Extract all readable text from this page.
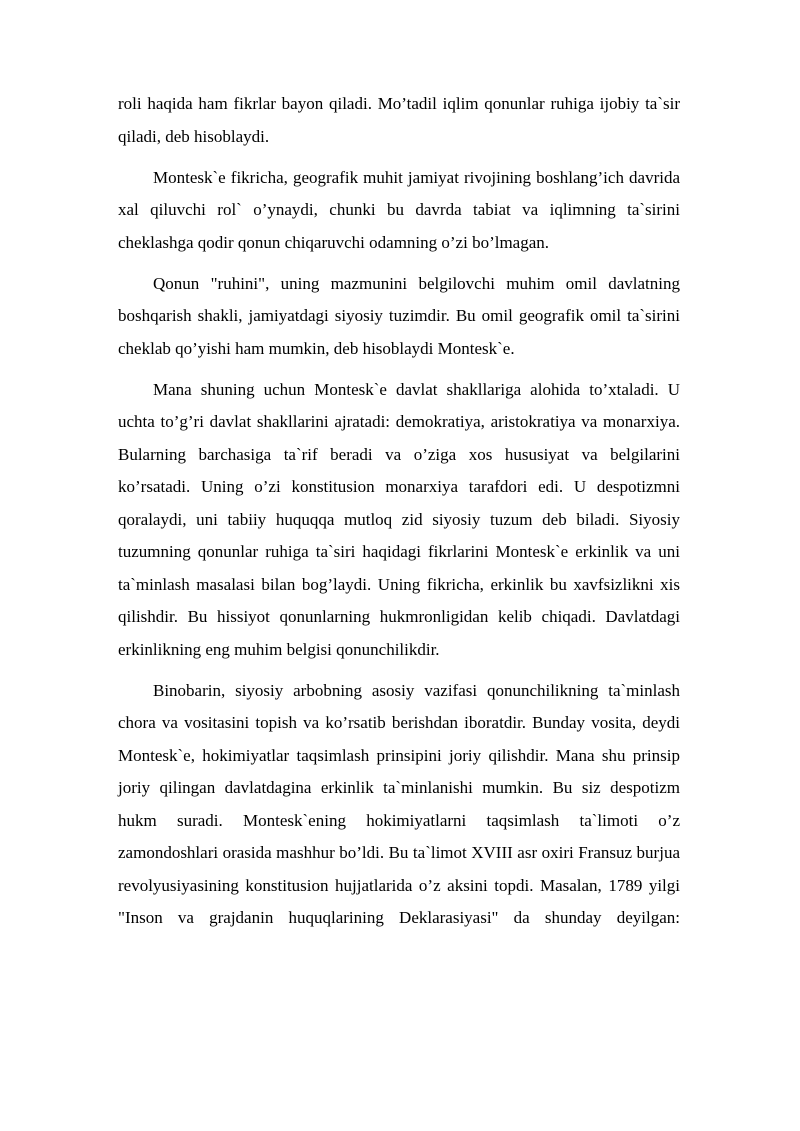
roli haqida ham fikrlar bayon qiladi. Mo’tadil iqlim qonunlar ruhiga ijobiy ta`sir qiladi, deb hisoblaydi.

Montesk`e fikricha, geografik muhit jamiyat rivojining boshlang’ich davrida xal qiluvchi rol` o’ynaydi, chunki bu davrda tabiat va iqlimning ta`sirini cheklashga qodir qonun chiqaruvchi odamning o’zi bo’lmagan.

Qonun "ruhini", uning mazmunini belgilovchi muhim omil davlatning boshqarish shakli, jamiyatdagi siyosiy tuzimdir. Bu omil geografik omil ta`sirini cheklab qo’yishi ham mumkin, deb hisoblaydi Montesk`e.

Mana shuning uchun Montesk`e davlat shakllariga alohida to’xtaladi. U uchta to’g’ri davlat shakllarini ajratadi: demokratiya, aristokratiya va monarxiya. Bularning barchasiga ta`rif beradi va o’ziga xos hususiyat va belgilarini ko’rsatadi. Uning o’zi konstitusion monarxiya tarafdori edi. U despotizmni qoralaydi, uni tabiiy huquqqa mutloq zid siyosiy tuzum deb biladi. Siyosiy tuzumning qonunlar ruhiga ta`siri haqidagi fikrlarini Montesk`e erkinlik va uni ta`minlash masalasi bilan bog’laydi. Uning fikricha, erkinlik bu xavfsizlikni xis qilishdir. Bu hissiyot qonunlarning hukmronligidan kelib chiqadi. Davlatdagi erkinlikning eng muhim belgisi qonunchilikdir.

Binobarin, siyosiy arbobning asosiy vazifasi qonunchilikning ta`minlash chora va vositasini topish va ko’rsatib berishdan iboratdir. Bunday vosita, deydi Montesk`e, hokimiyatlar taqsimlash prinsipini joriy qilishdir. Mana shu prinsip joriy qilingan davlatdagina erkinlik ta`minlanishi mumkin. Bu siz despotizm hukm suradi. Montesk`ening hokimiyatlarni taqsimlash ta`limoti o’z zamondoshlari orasida mashhur bo’ldi. Bu ta`limot XVIII asr oxiri Fransuz burjua revolyusiyasining konstitusion hujjatlarida o’z aksini topdi. Masalan, 1789 yilgi "Inson va grajdanin huquqlarining Deklarasiyasi" da shunday deyilgan:
